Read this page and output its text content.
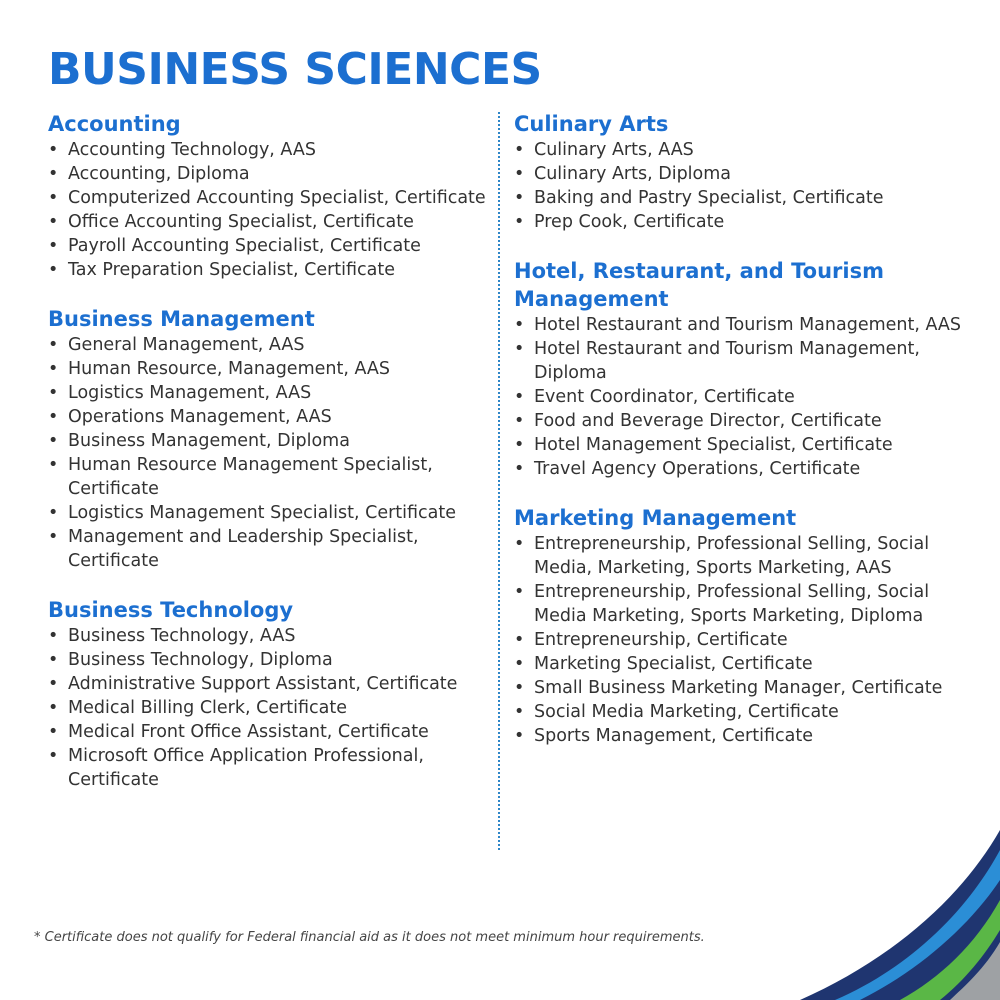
BUSINESS SCIENCES
Accounting
• Accounting Technology, AAS
• Accounting, Diploma
• Computerized Accounting Specialist, Certificate
• Office Accounting Specialist, Certificate
• Payroll Accounting Specialist, Certificate
• Tax Preparation Specialist, Certificate
Business Management
• General Management, AAS
• Human Resource, Management, AAS
• Logistics Management, AAS
• Operations Management, AAS
• Business Management, Diploma
• Human Resource Management Specialist, Certificate
• Logistics Management Specialist, Certificate
• Management and Leadership Specialist, Certificate
Business Technology
• Business Technology, AAS
• Business Technology, Diploma
• Administrative Support Assistant, Certificate
• Medical Billing Clerk, Certificate
• Medical Front Office Assistant, Certificate
• Microsoft Office Application Professional, Certificate
Culinary Arts
• Culinary Arts, AAS
• Culinary Arts, Diploma
• Baking and Pastry Specialist, Certificate
• Prep Cook, Certificate
Hotel, Restaurant, and Tourism Management
• Hotel Restaurant and Tourism Management, AAS
• Hotel Restaurant and Tourism Management, Diploma
• Event Coordinator, Certificate
• Food and Beverage Director, Certificate
• Hotel Management Specialist, Certificate
• Travel Agency Operations, Certificate
Marketing Management
• Entrepreneurship, Professional Selling, Social Media, Marketing, Sports Marketing, AAS
• Entrepreneurship, Professional Selling, Social Media Marketing, Sports Marketing, Diploma
• Entrepreneurship, Certificate
• Marketing Specialist, Certificate
• Small Business Marketing Manager, Certificate
• Social Media Marketing, Certificate
• Sports Management, Certificate
* Certificate does not qualify for Federal financial aid as it does not meet minimum hour requirements.
